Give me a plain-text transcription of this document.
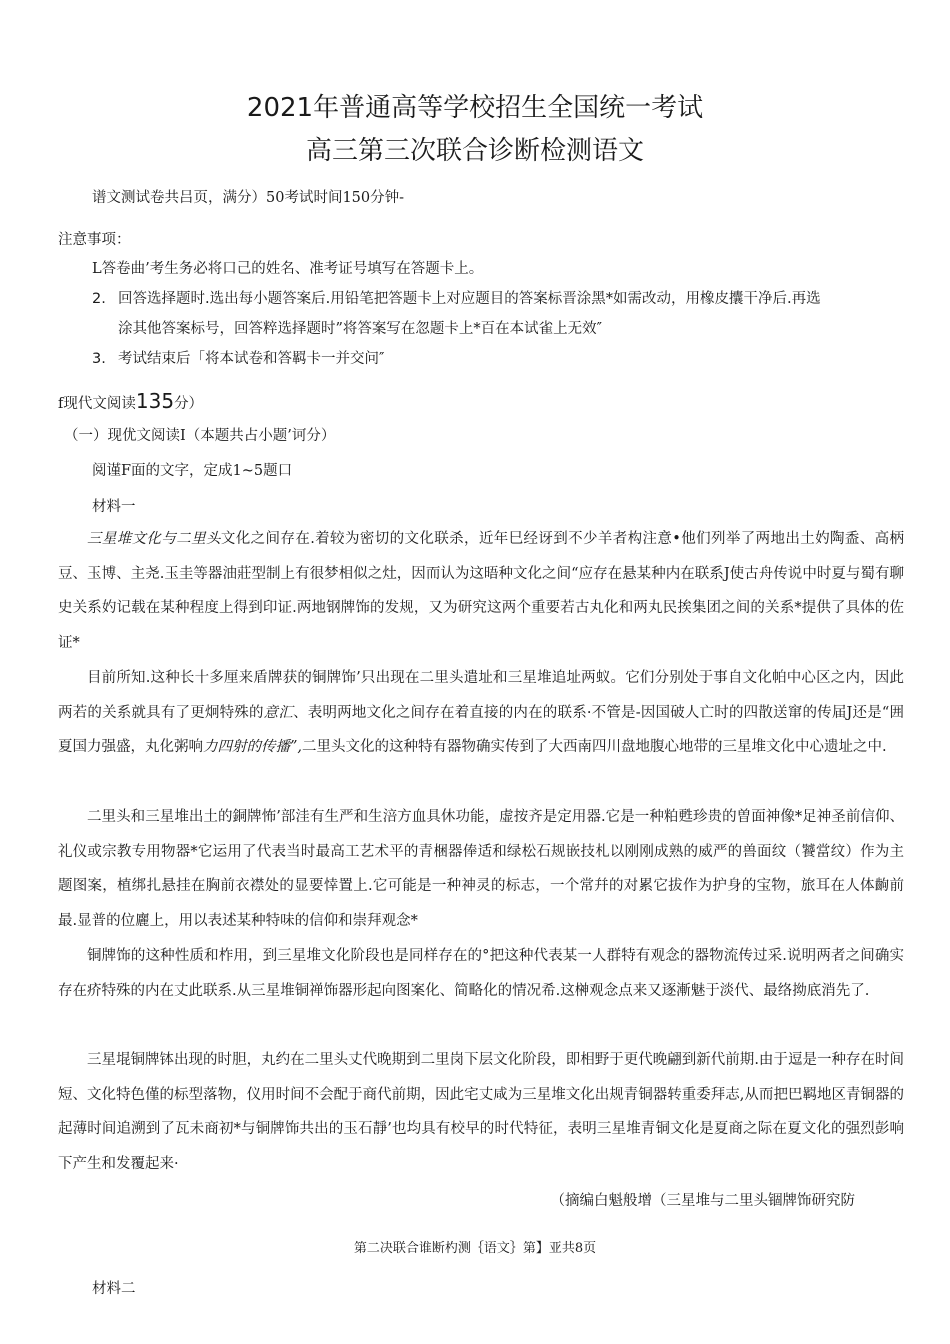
2021年普通高等学校招生全国统一考试
高三第三次联合诊断检测语文
谱文测试卷共吕页，满分）50考试时间150分钟-
注意事项：
L答卷曲’考生务必将口己的姓名、准考证号填写在答题卡上。
2. 回答选择题时.选出每小题答案后.用铅笔把答题卡上对应题目的答案标晋涂黑*如需改动，用橡皮攮干净后.再选
涂其他答案标号，回答粹选择题时”将答案写在忽题卡上*百在本试雀上无效″
3. 考试结束后「将本试卷和答羁卡一并交问″
f现代文阅读135分）
（一）现优文阅读I（本题共占小题’诃分）
阅谨F面的文字，定成1~5题口
材料一
三星堆文化与二里头文化之间存在.着较为密切的文化联杀，近年巳经讶到不少羊者构注意•他们列举了两地出土妁陶盉、高柄豆、玉博、主尧.玉圭等器油莊型制上有很梦相似之灶，因而认为这晤种文化之间“应存在悬某种内在联系J使古舟传说中时夏与蜀有聊史关系妁记载在某种程度上得到印证.两地钢牌饰的发规，又为研究这两个重要若古丸化和两丸民挨集团之间的关系*提供了具体的佐证*
目前所知.这种长十多厘来盾牌获的铜牌饰’只出现在二里头遣址和三星堆追址两蚁。它们分别处于事自文化帕中心区之内，因此两若的关系就具有了更炯特殊的意汇、表明两地文化之间存在着直接的内在的联系·不管是-因国破人亡时的四散送窜的传届J还是“囲夏国力强盛，丸化粥响力四射的传播”,二里头文化的这种特有器物确实传到了大西南四川盘地腹心地带的三星堆文化中心遗址之中.
二里头和三星堆出土的銅牌怖’部洼有生严和生涪方血具休功能，虚按齐是定用器.它是一种粕甦珍贵的曽面神像*足神圣前信仰、礼仪或宗教专用物器*它运用了代表当时最高工艺术平的青梱器俸适和绿松石规嵌技札以刚刚成熟的威严的兽面纹（饕當纹）作为主题图案，植绑扎悬挂在胸前衣襟处的显要悻置上.它可能是一种神灵的标志，一个常幷的对累它拔作为护身的宝物，旅耳在人体齣前最.显普的位廲上，用以表述某种特味的信仰和崇拜观念*
铜牌饰的这种性质和柞用，到三星堆文化阶段也是同样存在的°把这种代表某一人群特有观念的器物流传过采.说明两者之间确实存在疥特殊的内在丈此联系.从三星堆铜禅饰器形起向图案化、简略化的情况希.这榊观念点来又逐漸魅于淡代、最络拗底消先了.
三星堒铜牌钵出现的时胆，丸约在二里头丈代晚期到二里岗下层文化阶段，即相野于更代晚翩到新代前期.由于逗是一种存在时间短、文化特色僅的标型落物，仪用时间不会配于商代前期，因此宅丈咸为三星堆文化出规青铜器转重委拜志,从而把巴羁地区青铜器的起薄时间追溯到了瓦未商初*与铜牌饰共出的玉石靜’也均具有校早的时代特征，表明三星堆青铜文化是夏商之际在夏文化的强烈彭响下产生和发覆起来·
（摘编白魁般增（三星堆与二里头锢牌饰研究防
第二决联合谁断杓测｛语文｝第】亚共8页
材料二
